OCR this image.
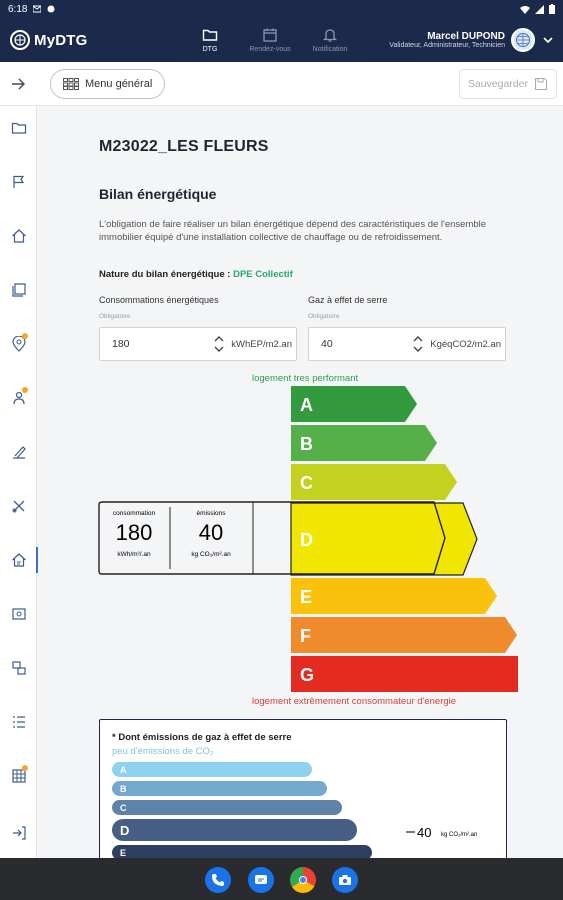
6:18
MyDTG
DTG	Rendez-vous	Notification
Marcel DUPOND
Validateur, Administrateur, Technicien
Menu général	Sauvegarder
M23022_LES FLEURS
Bilan énergétique
L'obligation de faire réaliser un bilan énergétique dépend des caractéristiques de l'ensemble immobilier équipé d'une installation collective de chauffage ou de refroidissement.
Nature du bilan énergétique : DPE Collectif
Consommations énergétiques
Obligatoire
180	kWhEP/m2.an
Gaz à effet de serre
Obligatoire
40	KgéqCO2/m2.an
logement tres performant
A
B
C
D
E
F
G
consommation
180
kWh/m²/.an
émissions
40
kg CO₂/m².an
logement extrêmement consommateur d'energie
* Dont émissions de gaz à effet de serre
peu d'émissions de CO₂
A
B
C
D
E
40 kg CO₂/m².an
